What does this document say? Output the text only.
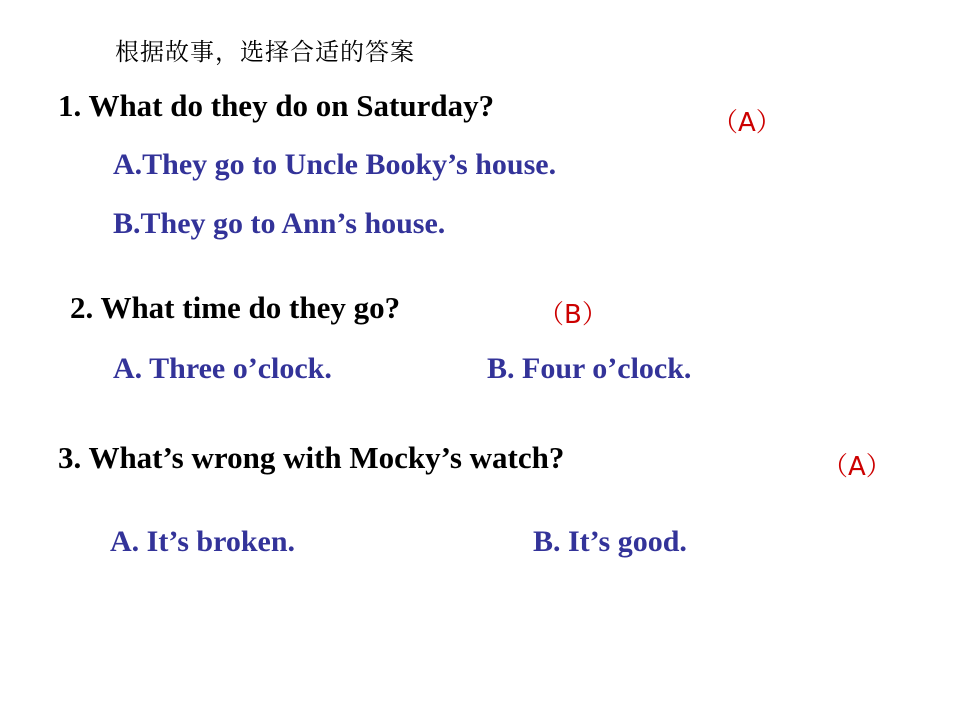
根据故事，选择合适的答案
1. What do they do on Saturday?	（A）
A.They go to Uncle Booky’s house.
B.They go to Ann’s house.
2. What time do they go?	（B）
A. Three o’clock.	B. Four o’clock.
3. What’s wrong with Mocky’s watch?	（A）
A. It’s broken.	B. It’s good.
